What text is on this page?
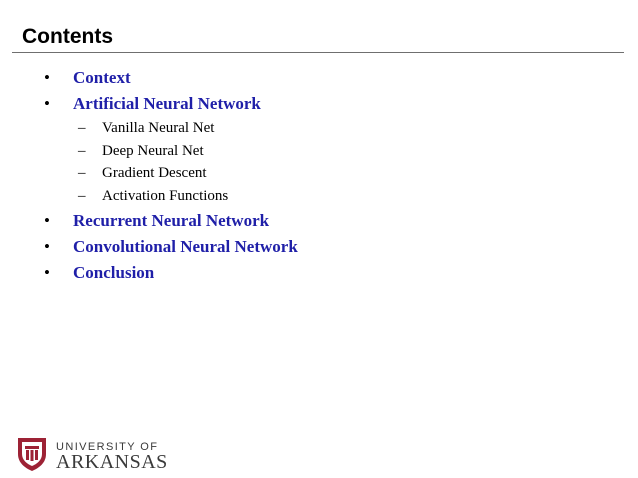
Contents
• Context
• Artificial Neural Network
– Vanilla Neural Net
– Deep Neural Net
– Gradient Descent
– Activation Functions
• Recurrent Neural Network
• Convolutional Neural Network
• Conclusion
UNIVERSITY OF
ARKANSAS
